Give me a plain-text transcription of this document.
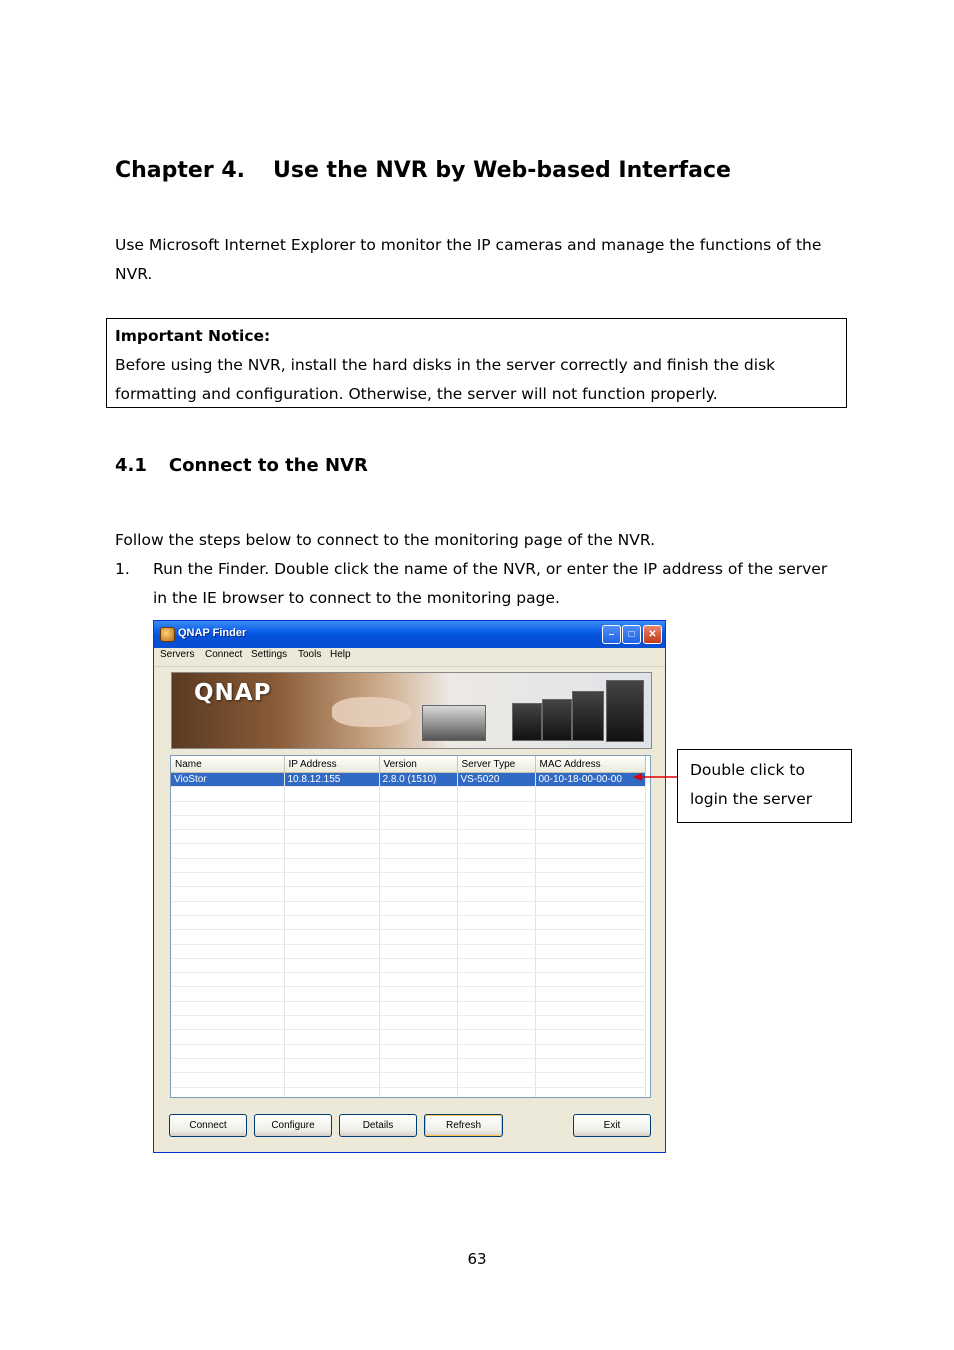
Chapter 4. Use the NVR by Web-based Interface

Use Microsoft Internet Explorer to monitor the IP cameras and manage the functions of the NVR.

Important Notice:
Before using the NVR, install the hard disks in the server correctly and finish the disk formatting and configuration. Otherwise, the server will not function properly.
4.1 Connect to the NVR

Follow the steps below to connect to the monitoring page of the NVR.

1.	Run the Finder. Double click the name of the NVR, or enter the IP address of the server in the IE browser to connect to the monitoring page.
QNAP Finder	–	□	✕
Servers Connect Settings Tools Help
QNAP
Name	IP Address	Version	Server Type	MAC Address
VioStor	10.8.12.155	2.8.0 (1510)	VS-5020	00-10-18-00-00-00

Connect	Configure	Details	Refresh	Exit
Double click to
login the server
63
